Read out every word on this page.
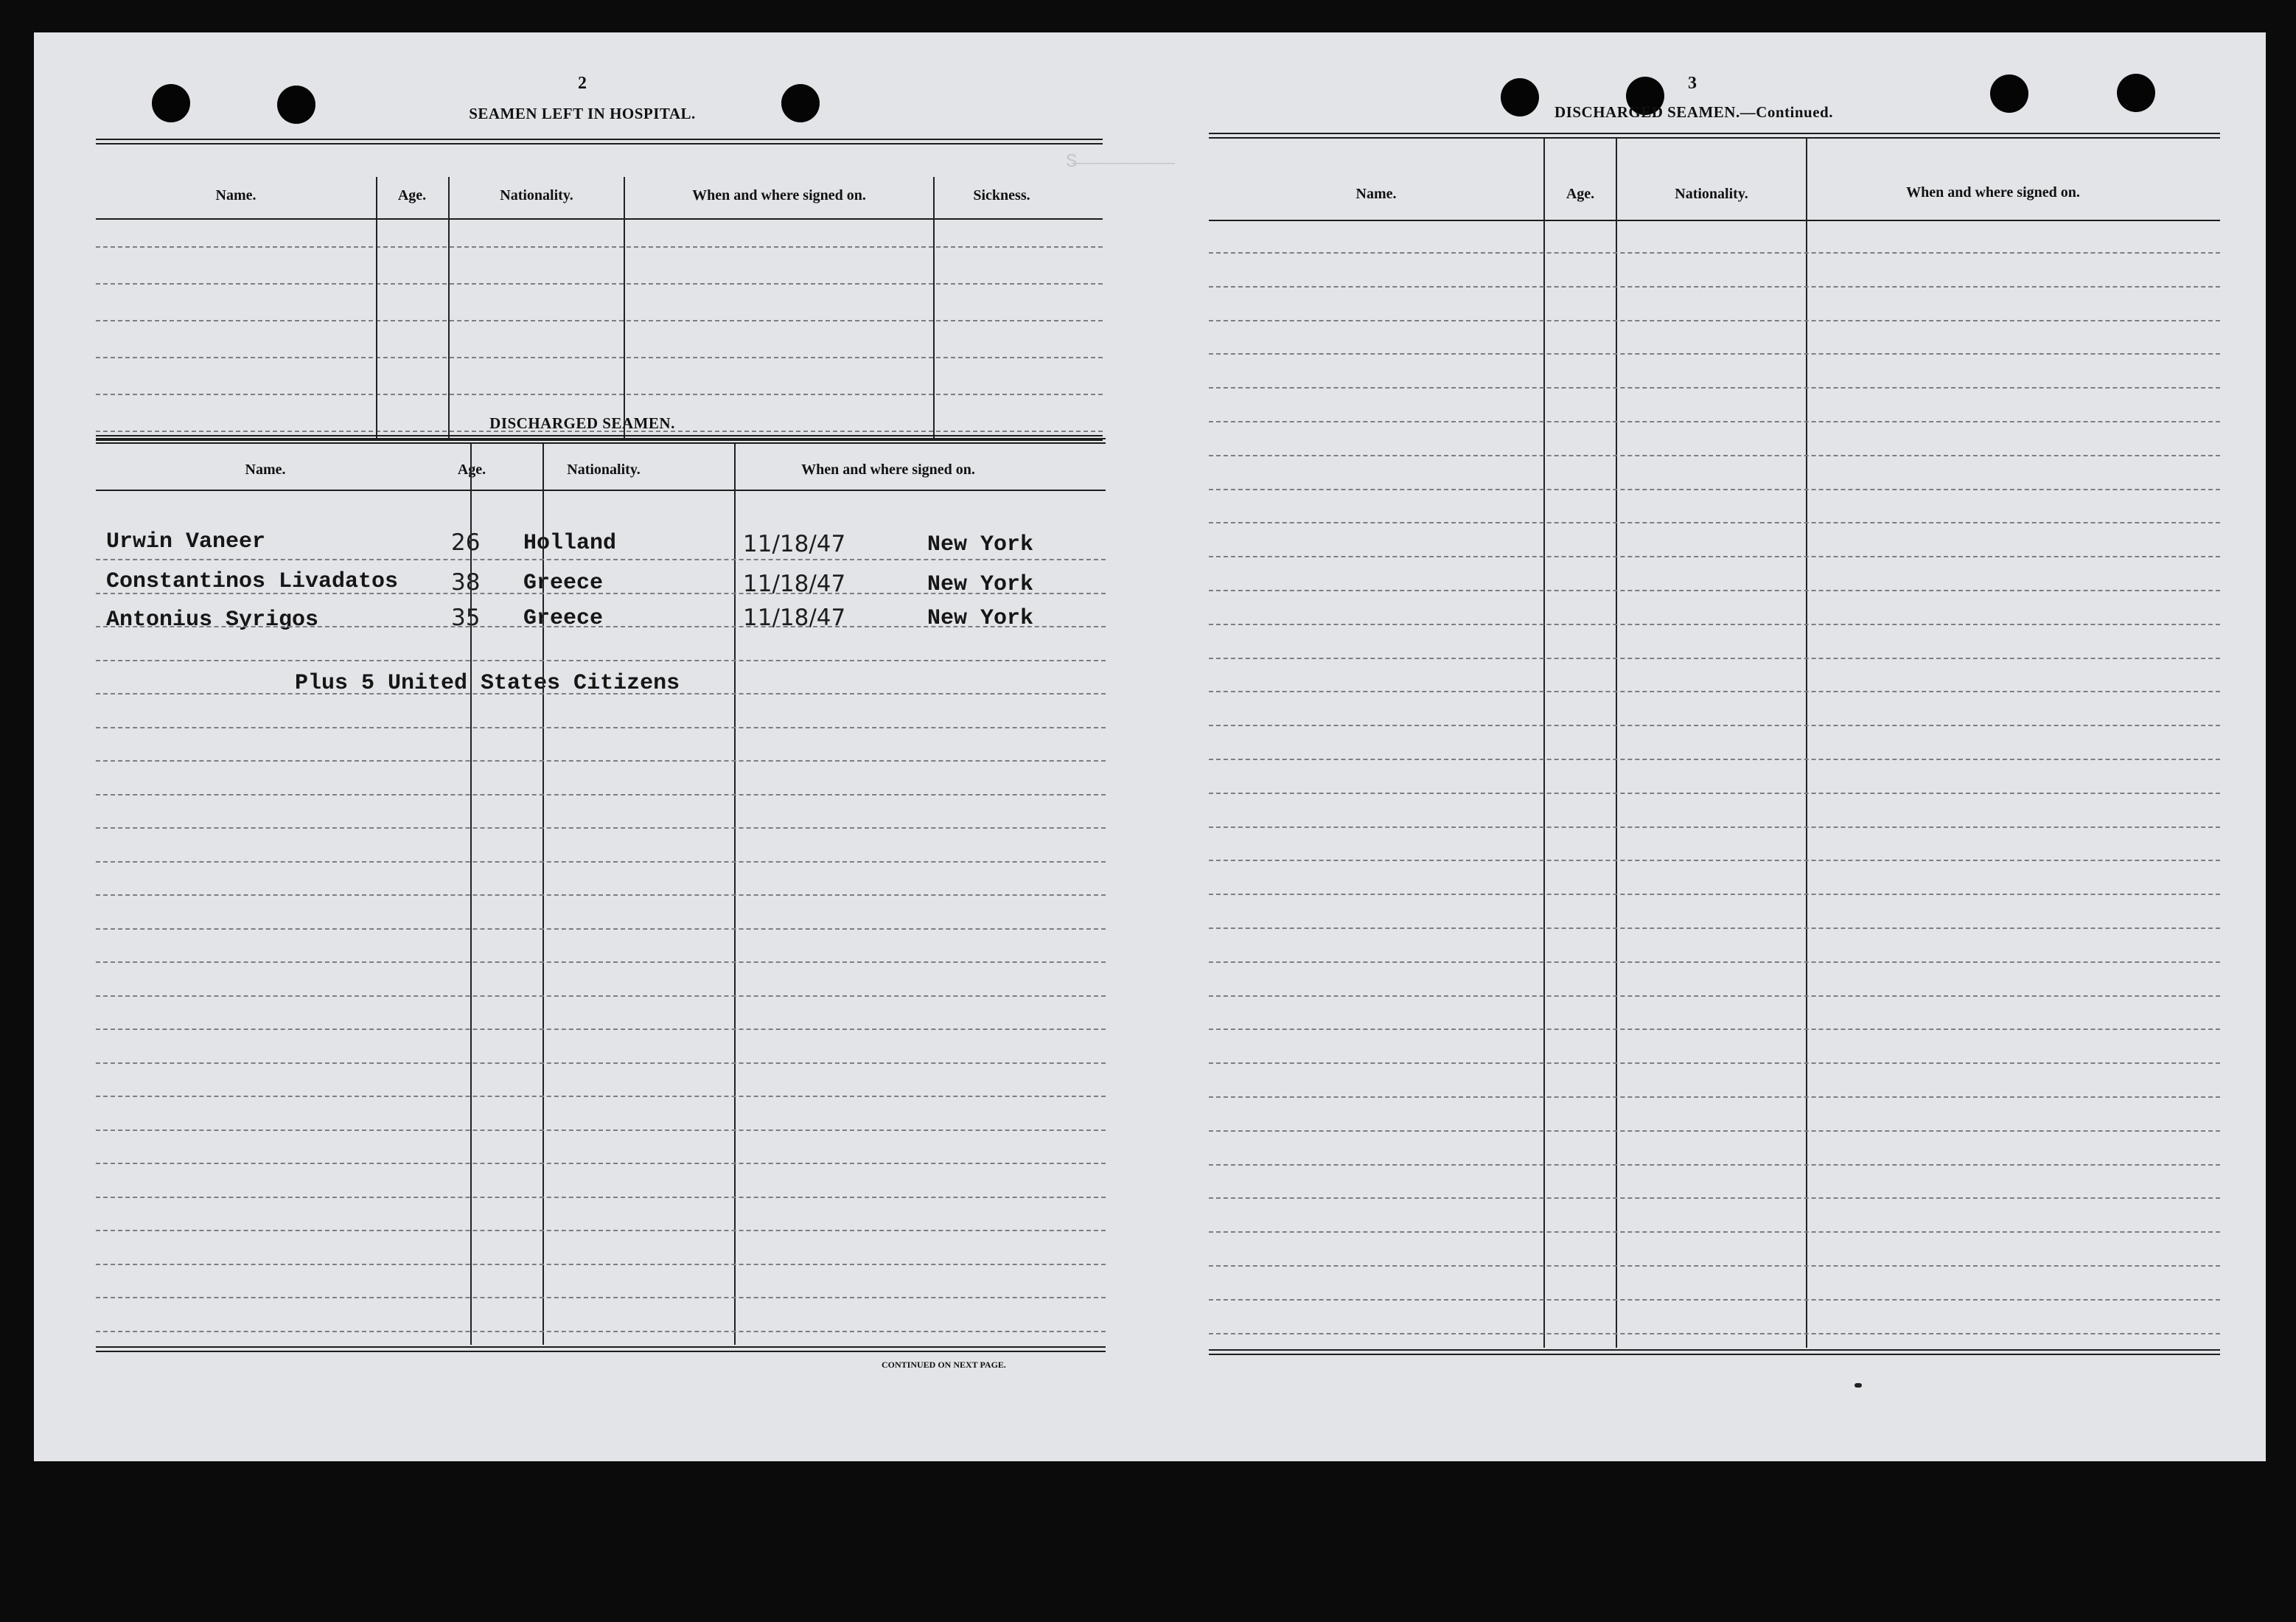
S̶ ̶ ̶ ̶ ̶ ̶ ̶ ̶ ̶
2
SEAMEN LEFT IN HOSPITAL.
Name.	Age.	Nationality.	When and where signed on.	Sickness.
DISCHARGED SEAMEN.
Name.	Age.	Nationality.	When and where signed on.
Urwin Vaneer	26 Holland	11/18/47	New York
Constantinos Livadatos 38 Greece	11/18/47	New York
Antonius Syrigos	35 Greece	11/18/47	New York
Plus 5 United States Citizens
CONTINUED ON NEXT PAGE.
3
DISCHARGED SEAMEN.—Continued.
Name.	Age.	Nationality.	When and where signed on.
